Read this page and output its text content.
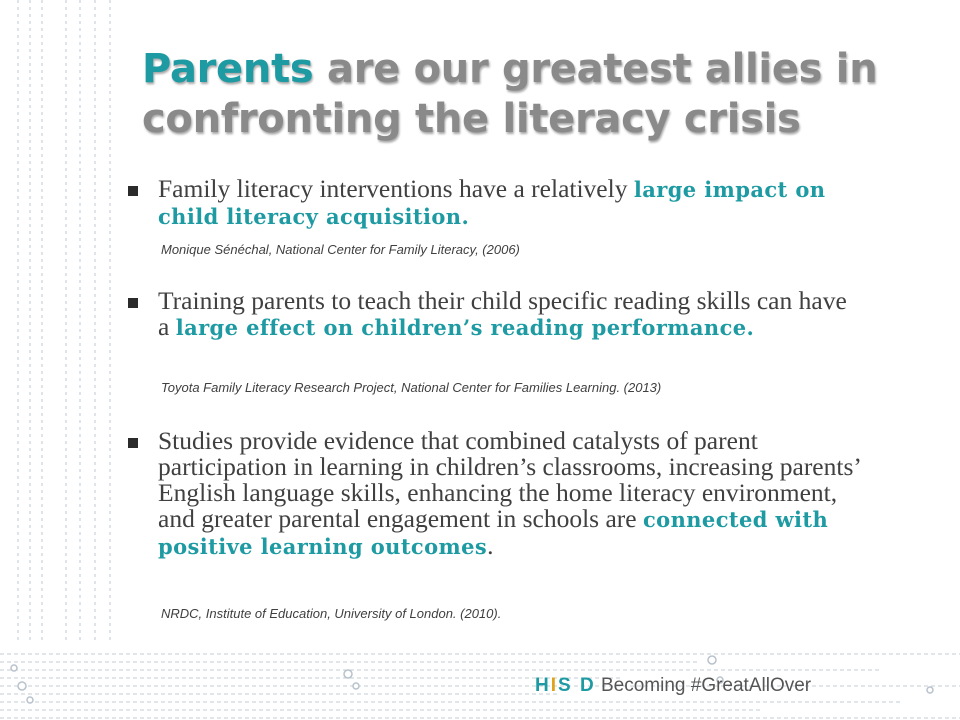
Parents are our greatest allies in
confronting the literacy crisis
Family literacy interventions have a relatively large impact on child literacy acquisition.
Monique Sénéchal, National Center for Family Literacy, (2006)
Training parents to teach their child specific reading skills can have a large effect on children’s reading performance.
Toyota Family Literacy Research Project, National Center for Families Learning. (2013)
Studies provide evidence that combined catalysts of parent participation in learning in children’s classrooms, increasing parents’ English language skills, enhancing the home literacy environment, and greater parental engagement in schools are connected with positive learning outcomes.
NRDC, Institute of Education, University of London. (2010).
HIS D Becoming #GreatAllOver
